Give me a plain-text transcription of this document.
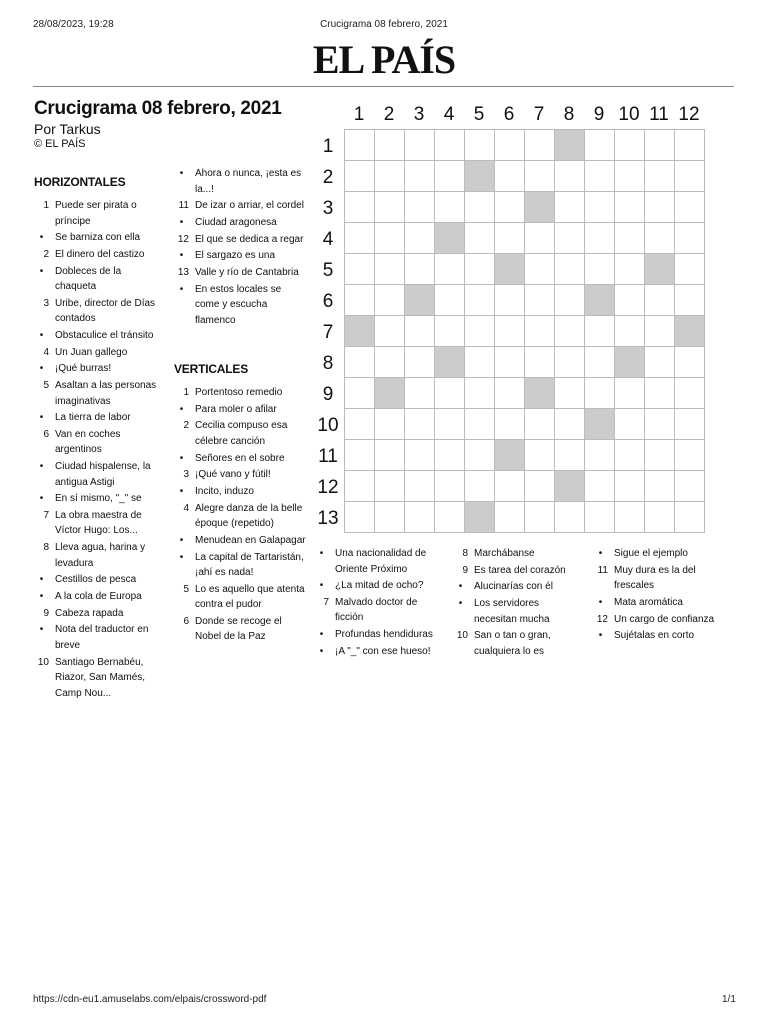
28/08/2023, 19:28	Crucigrama 08 febrero, 2021
EL PAÍS
Crucigrama 08 febrero, 2021
Por Tarkus
© EL PAÍS
HORIZONTALES
1 Puede ser pirata o príncipe
•
Se barniza con ella
2 El dinero del castizo
•
Dobleces de la chaqueta
3 Uribe, director de Días contados
•
Obstaculice el tránsito
4 Un Juan gallego
•
¡Qué burras!
5 Asaltan a las personas imaginativas
•
La tierra de labor
6 Van en coches argentinos
•
Ciudad hispalense, la antigua Astigi
•
En sí mismo, "_" se
7 La obra maestra de Víctor Hugo: Los...
8 Lleva agua, harina y levadura
•
Cestillos de pesca
•
A la cola de Europa
9 Cabeza rapada
•
Nota del traductor en breve
10 Santiago Bernabéu, Riazor, San Mamés, Camp Nou...
•
Ahora o nunca, ¡esta es la...!
11 De izar o arriar, el cordel
•
Ciudad aragonesa
12 El que se dedica a regar
•
El sargazo es una
13 Valle y río de Cantabria
•
En estos locales se come y escucha flamenco
VERTICALES
1 Portentoso remedio
•
Para moler o afilar
2 Cecilia compuso esa célebre canción
•
Señores en el sobre
3 ¡Qué vano y fútil!
•
Incito, induzo
4 Alegre danza de la belle époque (repetido)
•
Menudean en Galapagar
•
La capital de Tartaristán, ¡ahí es nada!
5 Lo es aquello que atenta contra el pudor
6 Donde se recoge el Nobel de la Paz
•
Una nacionalidad de Oriente Próximo
•
¿La mitad de ocho?
7 Malvado doctor de ficción
•
Profundas hendiduras
•
¡A "_" con ese hueso!
8 Marchábanse
9 Es tarea del corazón
•
Alucinarías con él
•
Los servidores necesitan mucha
10 San o tan o gran, cualquiera lo es
•
Sigue el ejemplo
11 Muy dura es la del frescales
•
Mata aromática
12 Un cargo de confianza
•
Sujétalas en corto
1	2	3	4	5	6	7	8	9 10 11 12
1
2
3
4
5
6
7
8
9
10
11
12
13

https://cdn-eu1.amuselabs.com/elpais/crossword-pdf	1/1
